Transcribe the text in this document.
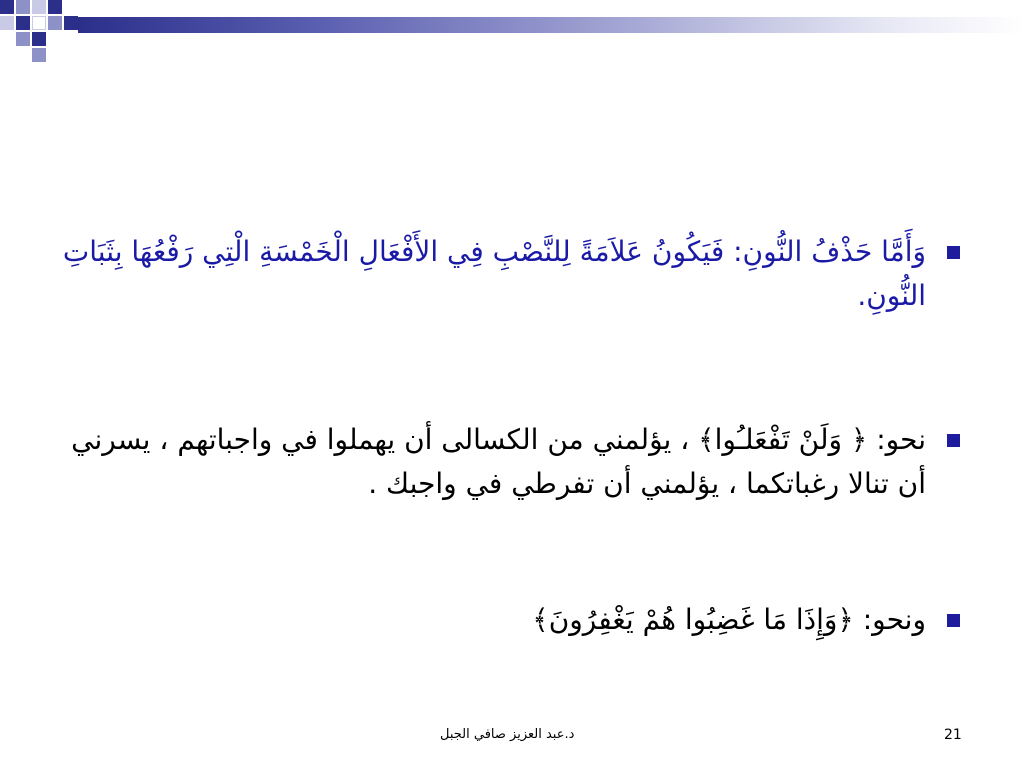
وَأَمَّا حَذْفُ النُّونِ: فَيَكُونُ عَلاَمَةً لِلنَّصْبِ فِي الأَفْعَالِ الْخَمْسَةِ الْتِي رَفْعُهَا بِثَبَاتِ النُّونِ.
نحو: ﴿ وَلَنْ تَفْعَلـُوا﴾ ، يؤلمني من الكسالى أن يهملوا في واجباتهم ، يسرني أن تنالا رغباتكما ، يؤلمني أن تفرطي في واجبك .
ونحو: ﴿وَإِذَا مَا غَضِبُوا هُمْ يَغْفِرُونَ﴾
د.عبد العزيز صافي الجبل	21
